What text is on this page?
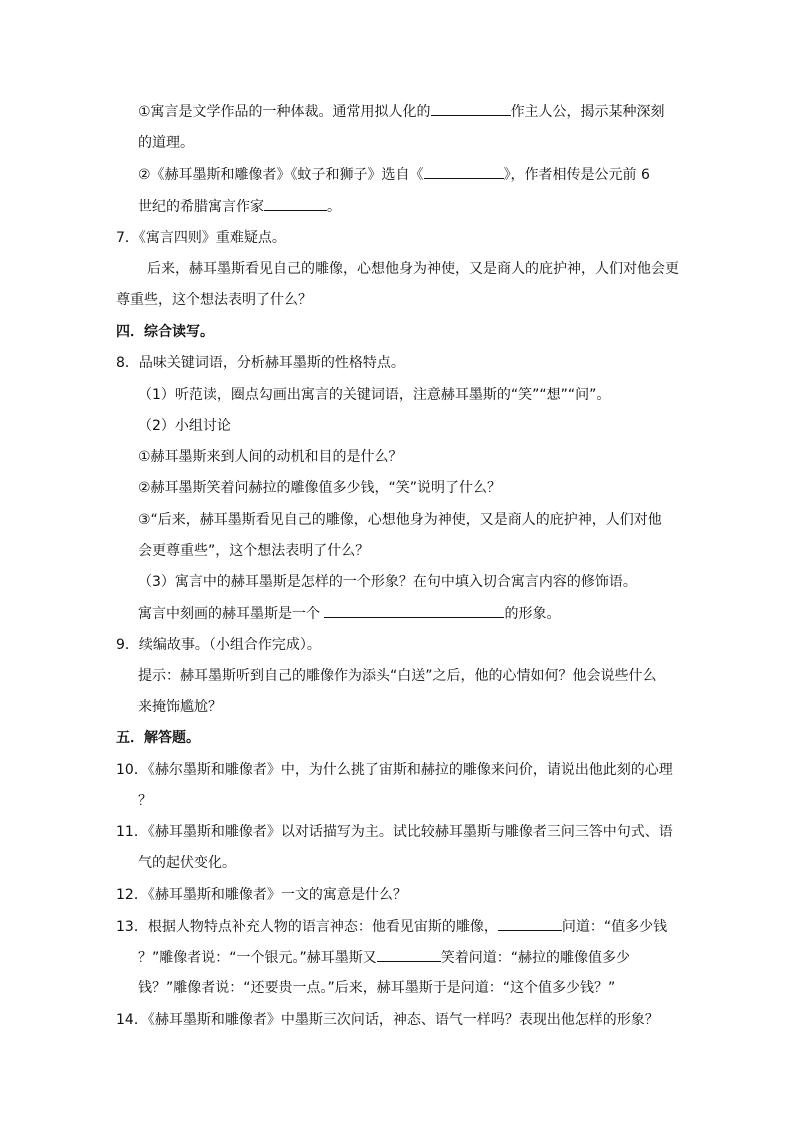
①寓言是文学作品的一种体裁。通常用拟人化的	作主人公，揭示某种深刻
的道理。
②《赫耳墨斯和雕像者》《蚊子和狮子》选自《	》，作者相传是公元前 6
世纪的希腊寓言作家	。
7．《寓言四则》重难疑点。
后来，赫耳墨斯看见自己的雕像，心想他身为神使，又是商人的庇护神，人们对他会更
尊重些，这个想法表明了什么？
四．综合读写。
8．品味关键词语，分析赫耳墨斯的性格特点。
（1）听范读，圈点勾画出寓言的关键词语，注意赫耳墨斯的“笑”“想”“问”。
（2）小组讨论
①赫耳墨斯来到人间的动机和目的是什么？
②赫耳墨斯笑着问赫拉的雕像值多少钱，“笑”说明了什么？
③“后来，赫耳墨斯看见自己的雕像，心想他身为神使，又是商人的庇护神，人们对他
会更尊重些”，这个想法表明了什么？
（3）寓言中的赫耳墨斯是怎样的一个形象？在句中填入切合寓言内容的修饰语。
寓言中刻画的赫耳墨斯是一个	的形象。
9．续编故事。（小组合作完成）。
提示：赫耳墨斯听到自己的雕像作为添头“白送”之后，他的心情如何？他会说些什么
来掩饰尴尬？
五．解答题。
10．《赫尔墨斯和雕像者》中，为什么挑了宙斯和赫拉的雕像来问价，请说出他此刻的心理
？
11．《赫耳墨斯和雕像者》以对话描写为主。试比较赫耳墨斯与雕像者三问三答中句式、语
气的起伏变化。
12．《赫耳墨斯和雕像者》一文的寓意是什么？
13．根据人物特点补充人物的语言神态：他看见宙斯的雕像，	问道：“值多少钱
？”雕像者说：“一个银元。”赫耳墨斯又	笑着问道：“赫拉的雕像值多少
钱？”雕像者说：“还要贵一点。”后来，赫耳墨斯于是问道：“这个值多少钱？”
14．《赫耳墨斯和雕像者》中墨斯三次问话，神态、语气一样吗？表现出他怎样的形象？
